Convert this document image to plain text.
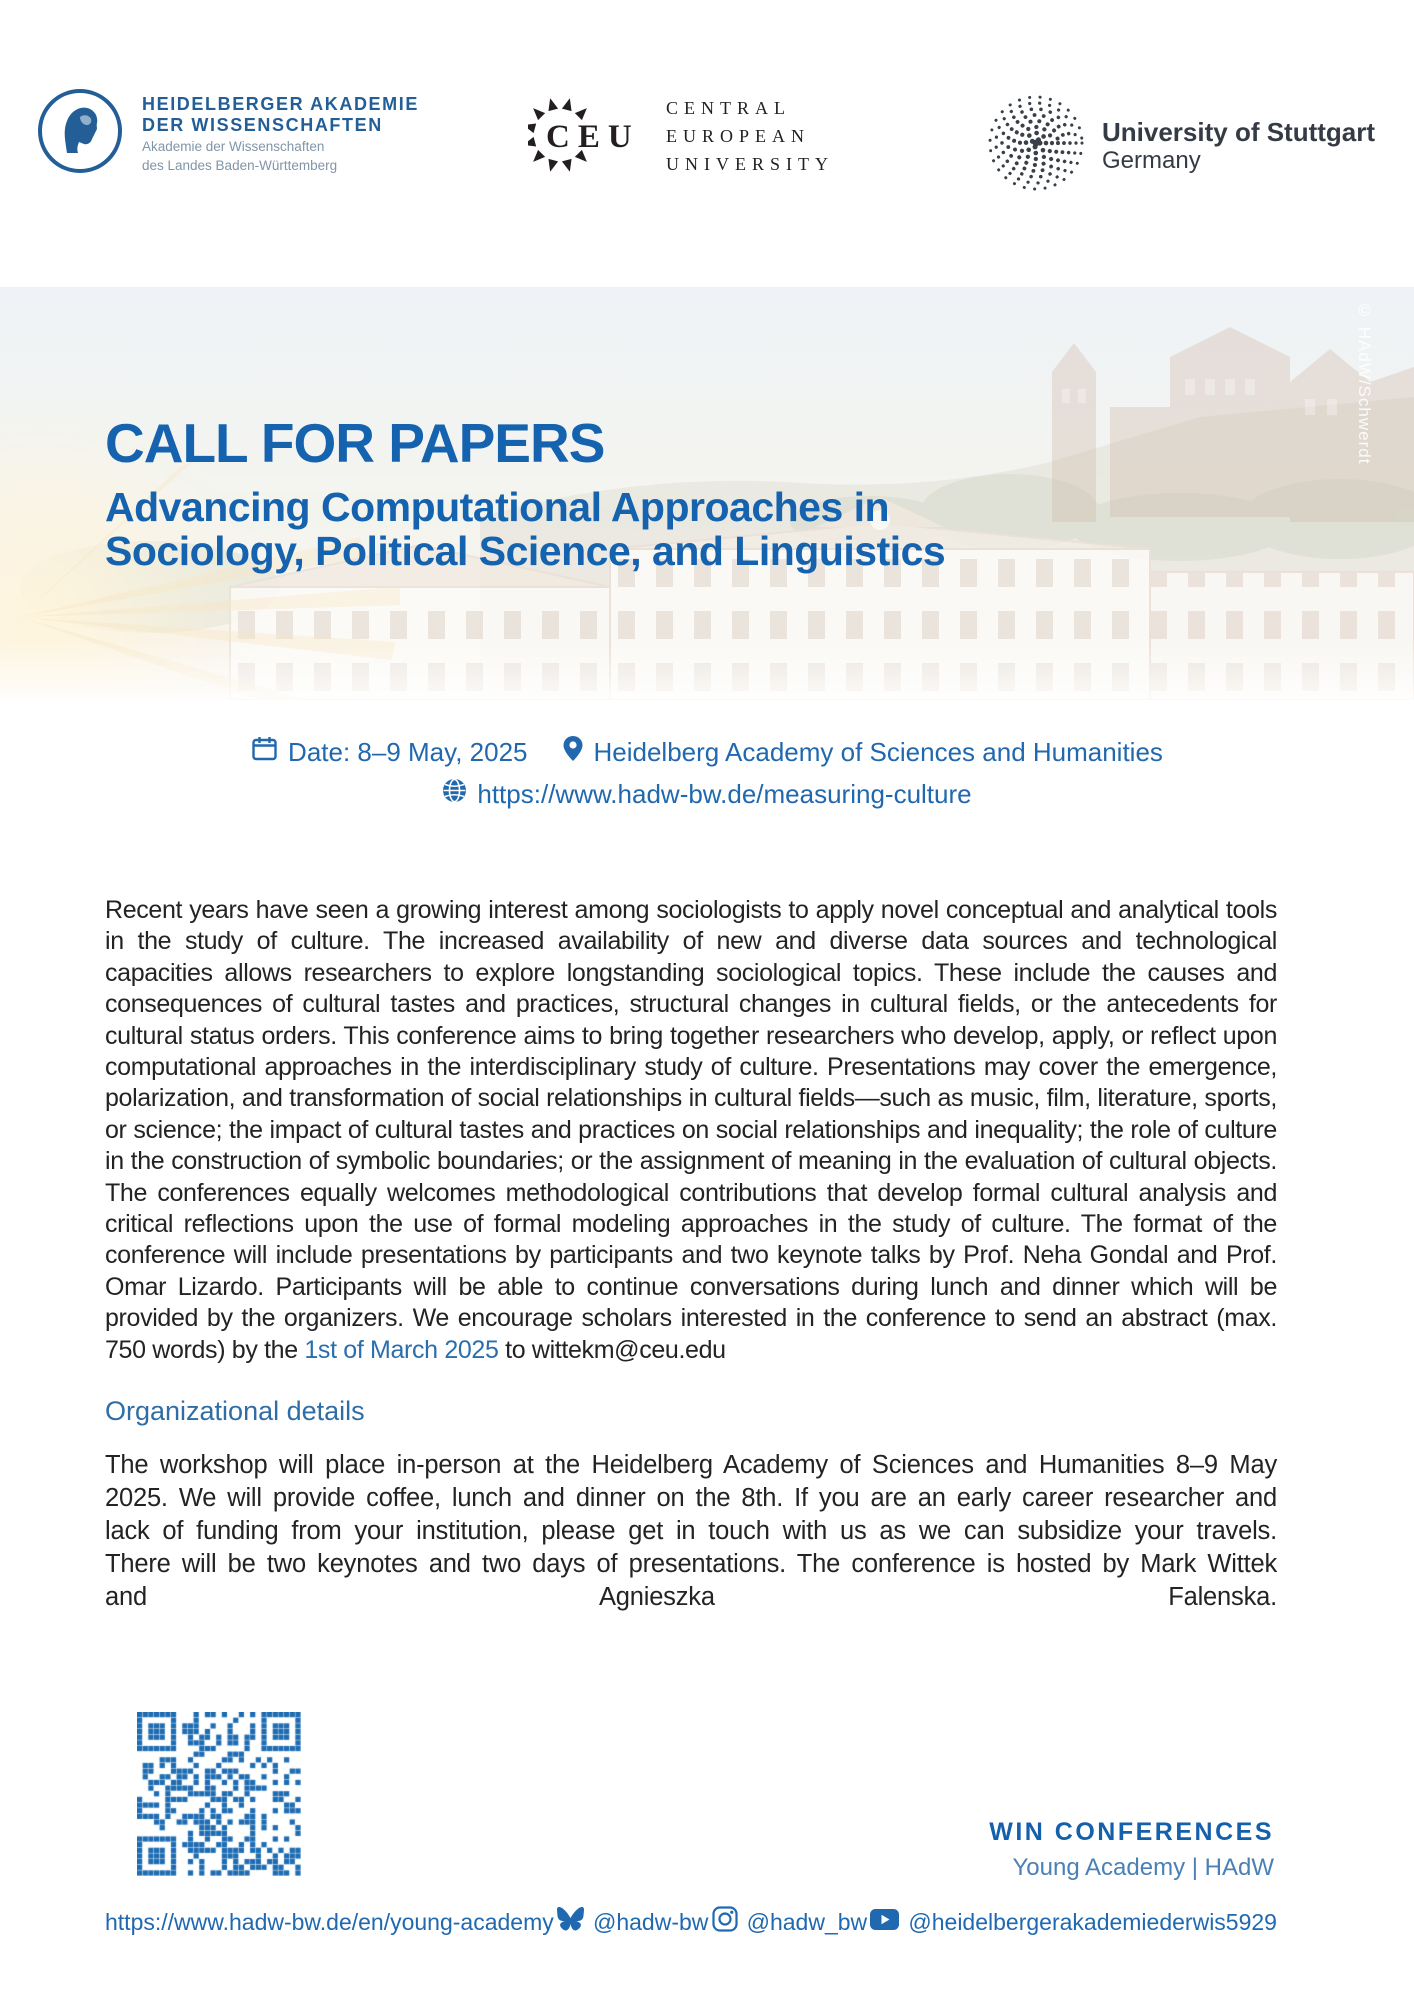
HEIDELBERGER AKADEMIE
DER WISSENSCHAFTEN
Akademie der Wissenschaften
des Landes Baden-Württemberg
CEU
CENTRAL
EUROPEAN
UNIVERSITY
University of Stuttgart
Germany
CALL FOR PAPERS
Advancing Computational Approaches in
Sociology, Political Science, and Linguistics
© HAdW/Schwerdt
Date: 8–9 May, 2025	Heidelberg Academy of Sciences and Humanities
https://www.hadw-bw.de/measuring-culture

Recent years have seen a growing interest among sociologists to apply novel conceptual and analytical tools in the study of culture. The increased availability of new and diverse data sources and technological capacities allows researchers to explore longstanding sociological topics. These include the causes and consequences of cultural tastes and practices, structural changes in cultural fields, or the antecedents for cultural status orders. This conference aims to bring together researchers who develop, apply, or reflect upon computational approaches in the interdisciplinary study of culture. Presentations may cover the emergence, polarization, and transformation of social relationships in cultural fields—such as music, film, literature, sports, or science; the impact of cultural tastes and practices on social relationships and inequality; the role of culture in the construction of symbolic boundaries; or the assignment of meaning in the evaluation of cultural objects. The conferences equally welcomes methodological contributions that develop formal cultural analysis and critical reflections upon the use of formal modeling approaches in the study of culture. The format of the conference will include presentations by participants and two keynote talks by Prof. Neha Gondal and Prof. Omar Lizardo. Participants will be able to continue conversations during lunch and dinner which will be provided by the organizers. We encourage scholars interested in the conference to send an abstract (max. 750 words) by the 1st of March 2025 to wittekm@ceu.edu

Organizational details

The workshop will place in-person at the Heidelberg Academy of Sciences and Humanities 8–9 May 2025. We will provide coffee, lunch and dinner on the 8th. If you are an early career researcher and lack of funding from your institution, please get in touch with us as we can subsidize your travels. There will be two keynotes and two days of presentations. The conference is hosted by Mark Wittek and Agnieszka Falenska.

WIN CONFERENCES
Young Academy | HAdW
https://www.hadw-bw.de/en/young-academy @hadw-bw @hadw_bw @heidelbergerakademiederwis5929
